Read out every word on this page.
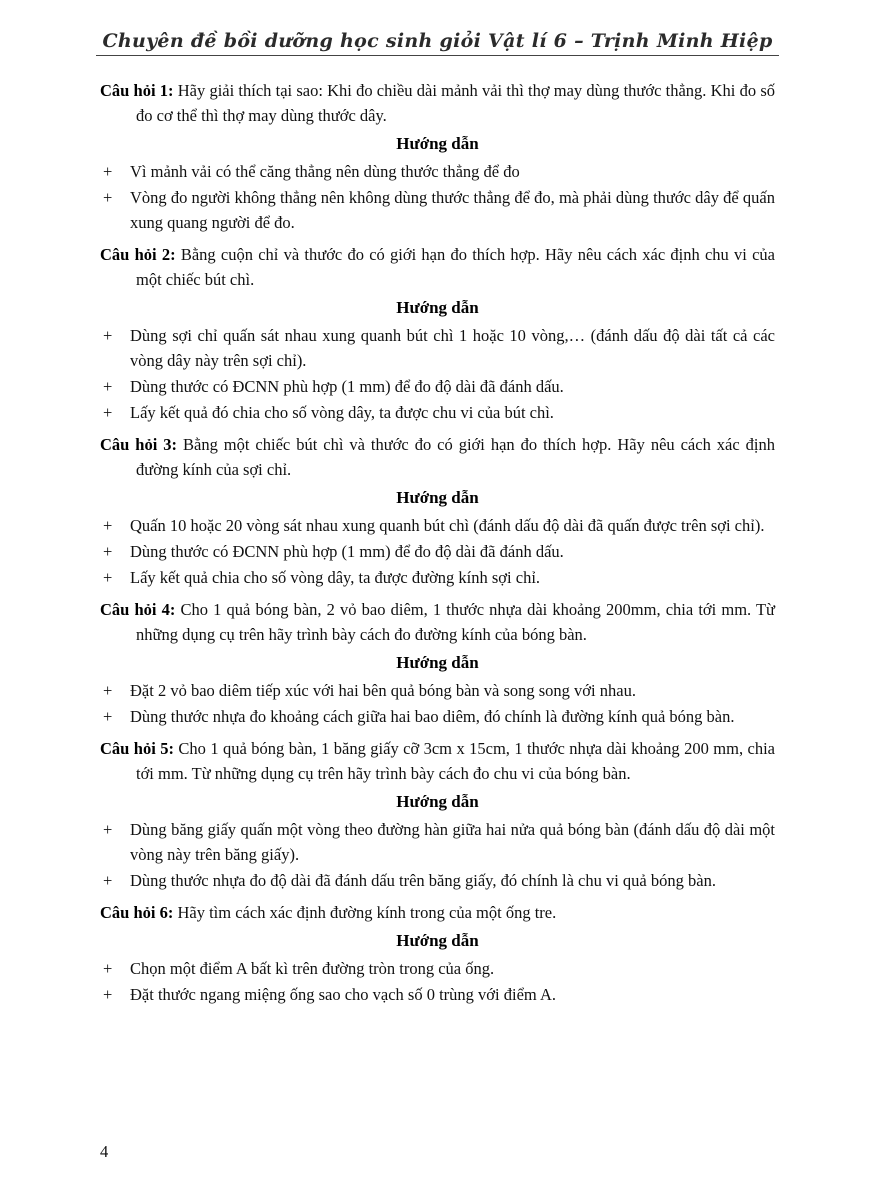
Chuyên đề bồi dưỡng học sinh giỏi Vật lí 6 – Trịnh Minh Hiệp

Câu hỏi 1: Hãy giải thích tại sao: Khi đo chiều dài mảnh vải thì thợ may dùng thước thẳng. Khi đo số đo cơ thể thì thợ may dùng thước dây.

Hướng dẫn

+ Vì mảnh vải có thể căng thẳng nên dùng thước thẳng để đo

+ Vòng đo người không thẳng nên không dùng thước thẳng để đo, mà phải dùng thước dây để quấn xung quang người để đo.

Câu hỏi 2: Bằng cuộn chỉ và thước đo có giới hạn đo thích hợp. Hãy nêu cách xác định chu vi của một chiếc bút chì.

Hướng dẫn

+ Dùng sợi chỉ quấn sát nhau xung quanh bút chì 1 hoặc 10 vòng,… (đánh dấu độ dài tất cả các vòng dây này trên sợi chỉ).

+ Dùng thước có ĐCNN phù hợp (1 mm) để đo độ dài đã đánh dấu.

+ Lấy kết quả đó chia cho số vòng dây, ta được chu vi của bút chì.

Câu hỏi 3: Bằng một chiếc bút chì và thước đo có giới hạn đo thích hợp. Hãy nêu cách xác định đường kính của sợi chỉ.

Hướng dẫn

+ Quấn 10 hoặc 20 vòng sát nhau xung quanh bút chì (đánh dấu độ dài đã quấn được trên sợi chỉ).

+ Dùng thước có ĐCNN phù hợp (1 mm) để đo độ dài đã đánh dấu.

+ Lấy kết quả chia cho số vòng dây, ta được đường kính sợi chỉ.

Câu hỏi 4: Cho 1 quả bóng bàn, 2 vỏ bao diêm, 1 thước nhựa dài khoảng 200mm, chia tới mm. Từ những dụng cụ trên hãy trình bày cách đo đường kính của bóng bàn.

Hướng dẫn

+ Đặt 2 vỏ bao diêm tiếp xúc với hai bên quả bóng bàn và song song với nhau.

+ Dùng thước nhựa đo khoảng cách giữa hai bao diêm, đó chính là đường kính quả bóng bàn.

Câu hỏi 5: Cho 1 quả bóng bàn, 1 băng giấy cỡ 3cm x 15cm, 1 thước nhựa dài khoảng 200 mm, chia tới mm. Từ những dụng cụ trên hãy trình bày cách đo chu vi của bóng bàn.

Hướng dẫn

+ Dùng băng giấy quấn một vòng theo đường hàn giữa hai nửa quả bóng bàn (đánh dấu độ dài một vòng này trên băng giấy).

+ Dùng thước nhựa đo độ dài đã đánh dấu trên băng giấy, đó chính là chu vi quả bóng bàn.

Câu hỏi 6: Hãy tìm cách xác định đường kính trong của một ống tre.

Hướng dẫn

+ Chọn một điểm A bất kì trên đường tròn trong của ống.

+ Đặt thước ngang miệng ống sao cho vạch số 0 trùng với điểm A.

4
